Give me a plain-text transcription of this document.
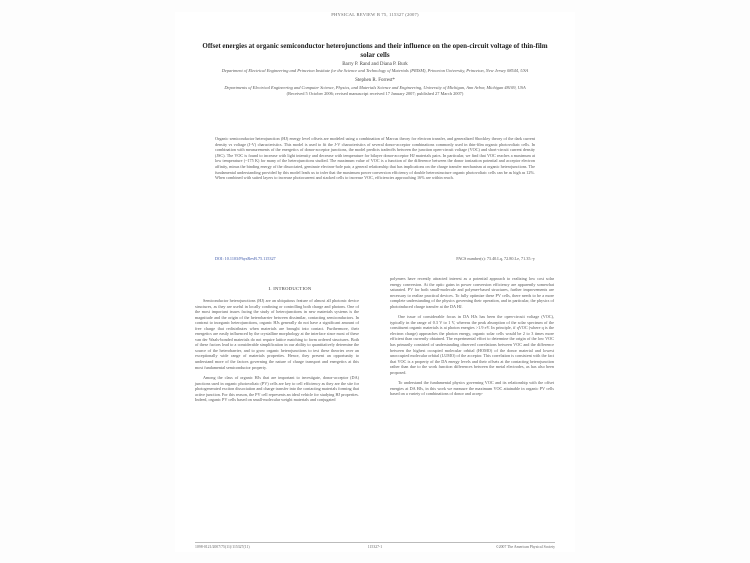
PHYSICAL REVIEW B 75, 115327 (2007)
Offset energies at organic semiconductor heterojunctions and their influence on the open-circuit voltage of thin-film solar cells
Barry P. Rand and Diana P. Burk
Department of Electrical Engineering and Princeton Institute for the Science and Technology of Materials (PRISM), Princeton University, Princeton, New Jersey 08544, USA
Stephen R. Forrest*
Departments of Electrical Engineering and Computer Science, Physics, and Materials Science and Engineering, University of Michigan, Ann Arbor, Michigan 48109, USA
(Received 5 October 2006; revised manuscript received 17 January 2007; published 27 March 2007)
Organic semiconductor heterojunction (HJ) energy level offsets are modeled using a combination of Marcus theory for electron transfer, and generalized Shockley theory of the dark current density vs voltage (J-V) characteristics. This model is used to fit the J-V characteristics of several donor-acceptor combinations commonly used in thin-film organic photovoltaic cells. In combination with measurements of the energetics of donor-acceptor junctions, the model predicts tradeoffs between the junction open-circuit voltage (VOC) and short-circuit current density (JSC). The VOC is found to increase with light intensity and decrease with temperature for bilayer donor-acceptor HJ materials pairs. In particular, we find that VOC reaches a maximum at low temperature (~175 K) for many of the heterojunctions studied. The maximum value of VOC is a function of the difference between the donor ionization potential and acceptor electron affinity, minus the binding energy of the dissociated, geminate electron-hole pair, a general relationship that has implications on the charge transfer mechanism at organic heterojunctions. The fundamental understanding provided by this model leads us to infer that the maximum power conversion efficiency of double heterostructure organic photovoltaic cells can be as high as 12%. When combined with suited layers to increase photocurrent and stacked cells to increase VOC, efficiencies approaching 16% are within reach.
DOI: 10.1103/PhysRevB.75.115327	PACS number(s): 73.40.Lq, 72.80.Le, 71.35.-y
I. INTRODUCTION

Semiconductor heterojunctions (HJ) are an ubiquitous feature of almost all photonic device structures, as they are useful in locally confining or controlling both charge and photons. One of the most important issues facing the study of heterojunctions in new materials systems is the magnitude and the origin of the heterobarrier between dissimilar, contacting semiconductors. In contrast to inorganic heterojunctions, organic HJs generally do not have a significant amount of free charge that redistributes when materials are brought into contact. Furthermore, their energetics are easily influenced by the crystalline morphology at the interface since most of these van der Waals-bonded materials do not require lattice matching to form ordered structures. Both of these factors lead to a considerable simplification in our ability to quantitatively determine the source of the heterobarrier, and to grow organic heterojunctions to test these theories over an exceptionally wide range of materials properties. Hence, they present an opportunity to understand more of the factors governing the nature of charge transport and energetics at this most fundamental semiconductor property.

Among the class of organic HJs that are important to investigate, donor-acceptor (DA) junctions used in organic photovoltaic (PV) cells are key to cell efficiency as they are the site for photogenerated exciton dissociation and charge transfer into the contacting materials forming that active junction. For this reason, the PV cell represents an ideal vehicle for studying HJ properties. Indeed, organic PV cells based on small-molecular weight materials and conjugated

polymers have recently attracted interest as a potential approach to realizing low cost solar energy conversion. At the optic gains in power conversion efficiency are apparently somewhat saturated. PV for both small-molecule and polymer-based structures, further improvements are necessary to realize practical devices. To fully optimize these PV cells, there needs to be a more complete understanding of the physics governing their operation, and in particular, the physics of photoinduced charge transfer at the DA HJ.

One issue of considerable focus in DA HJs has been the open-circuit voltage (VOC), typically in the range of 0.3 V to 1 V, whereas the peak absorption of the solar spectrum of the constituent organic materials is at photon energies >1.9 eV. In principle, if qVOC (where q is the electron charge) approaches the photon energy, organic solar cells would be 2 to 3 times more efficient than currently obtained. The experimental effort to determine the origin of the low VOC has primarily consisted of understanding observed correlations between VOC and the difference between the highest occupied molecular orbital (HOMO) of the donor material and lowest unoccupied molecular orbital (LUMO) of the acceptor. This correlation is consistent with the fact that VOC is a property of the DA energy levels and their offsets at the contacting heterojunction rather than due to the work function differences between the metal electrodes, as has also been proposed.

To understand the fundamental physics governing VOC and its relationship with the offset energies at DA HJs, in this work we measure the maximum VOC attainable in organic PV cells based on a variety of combinations of donor and accep-

1098-0121/2007/75(11)/115327(11)	115327-1	©2007 The American Physical Society
